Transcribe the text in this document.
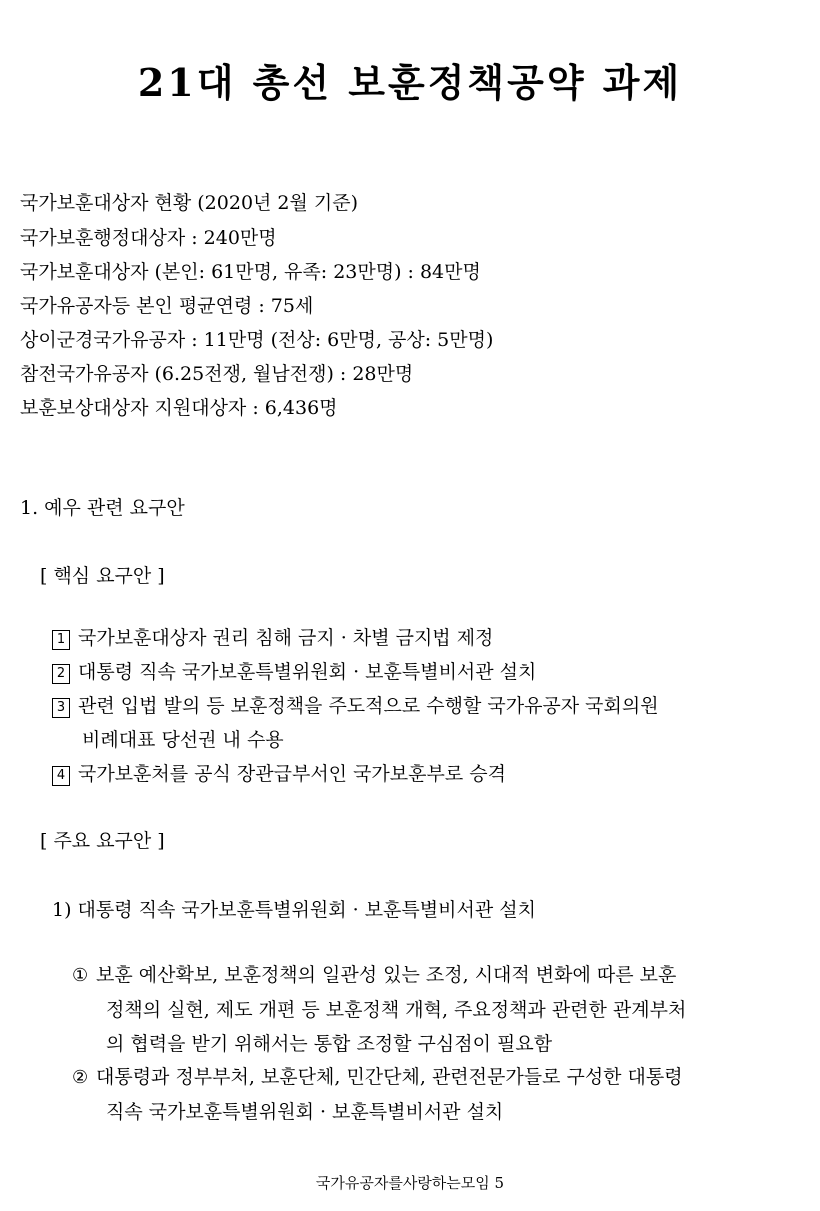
21대 총선 보훈정책공약 과제
국가보훈대상자 현황 (2020년 2월 기준)
국가보훈행정대상자 : 240만명
국가보훈대상자 (본인: 61만명, 유족: 23만명) : 84만명
국가유공자등 본인 평균연령 : 75세
상이군경국가유공자 : 11만명 (전상: 6만명, 공상: 5만명)
참전국가유공자 (6.25전쟁, 월남전쟁) : 28만명
보훈보상대상자 지원대상자 : 6,436명
1. 예우 관련 요구안
[ 핵심 요구안 ]
1 국가보훈대상자 권리 침해 금지 · 차별 금지법 제정
2 대통령 직속 국가보훈특별위원회 · 보훈특별비서관 설치
3 관련 입법 발의 등 보훈정책을 주도적으로 수행할 국가유공자 국회의원
비례대표 당선권 내 수용
4 국가보훈처를 공식 장관급부서인 국가보훈부로 승격
[ 주요 요구안 ]
1) 대통령 직속 국가보훈특별위원회 · 보훈특별비서관 설치
① 보훈 예산확보, 보훈정책의 일관성 있는 조정, 시대적 변화에 따른 보훈
정책의 실현, 제도 개편 등 보훈정책 개혁, 주요정책과 관련한 관계부처
의 협력을 받기 위해서는 통합 조정할 구심점이 필요함
② 대통령과 정부부처, 보훈단체, 민간단체, 관련전문가들로 구성한 대통령
직속 국가보훈특별위원회 · 보훈특별비서관 설치
국가유공자를사랑하는모임 5
